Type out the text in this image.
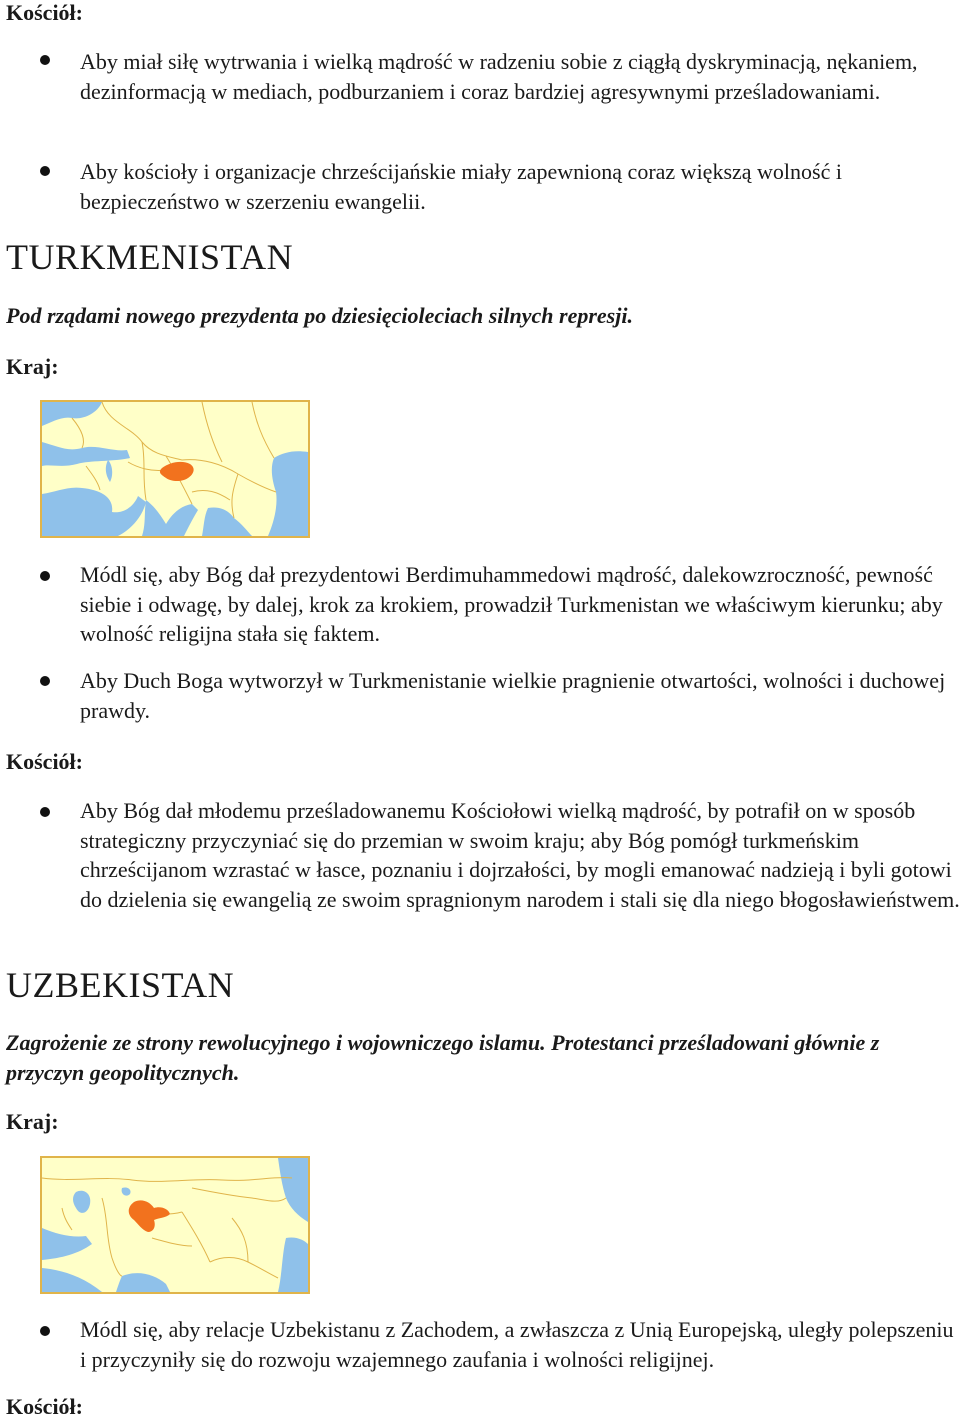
Kościół:
Aby miał siłę wytrwania i wielką mądrość w radzeniu sobie z ciągłą dyskryminacją, nękaniem, dezinformacją w mediach, podburzaniem i coraz bardziej agresywnymi prześladowaniami.
Aby kościoły i organizacje chrześcijańskie miały zapewnioną coraz większą wolność i bezpieczeństwo w szerzeniu ewangelii.
TURKMENISTAN
Pod rządami nowego prezydenta po dziesięcioleciach silnych represji.
Kraj:
Módl się, aby Bóg dał prezydentowi Berdimuhammedowi mądrość, dalekowzroczność, pewność siebie i odwagę, by dalej, krok za krokiem, prowadził Turkmenistan we właściwym kierunku; aby wolność religijna stała się faktem.
Aby Duch Boga wytworzył w Turkmenistanie wielkie pragnienie otwartości, wolności i duchowej prawdy.
Kościół:
Aby Bóg dał młodemu prześladowanemu Kościołowi wielką mądrość, by potrafił on w sposób strategiczny przyczyniać się do przemian w swoim kraju; aby Bóg pomógł turkmeńskim chrześcijanom wzrastać w łasce, poznaniu i dojrzałości, by mogli emanować nadzieją i byli gotowi do dzielenia się ewangelią ze swoim spragnionym narodem i stali się dla niego błogosławieństwem.
UZBEKISTAN
Zagrożenie ze strony rewolucyjnego i wojowniczego islamu. Protestanci prześladowani głównie z przyczyn geopolitycznych.
Kraj:
Módl się, aby relacje Uzbekistanu z Zachodem, a zwłaszcza z Unią Europejską, uległy polepszeniu i przyczyniły się do rozwoju wzajemnego zaufania i wolności religijnej.
Kościół:
